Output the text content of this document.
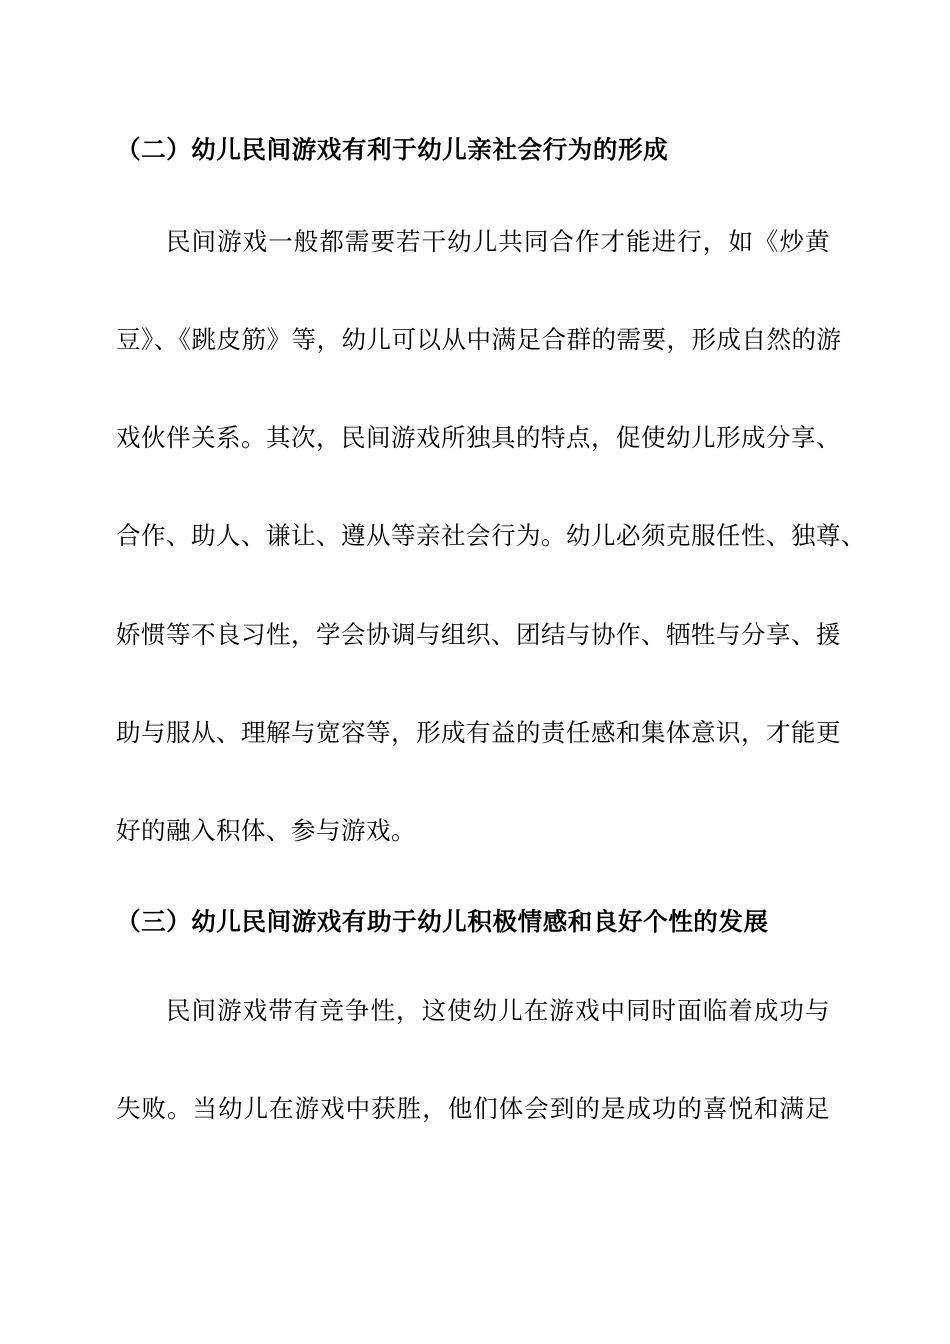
（二）幼儿民间游戏有利于幼儿亲社会行为的形成
民间游戏一般都需要若干幼儿共同合作才能进行，如《炒黄
豆》、《跳皮筋》等，幼儿可以从中满足合群的需要，形成自然的游
戏伙伴关系。其次，民间游戏所独具的特点，促使幼儿形成分享、
合作、助人、谦让、遵从等亲社会行为。幼儿必须克服任性、独尊、
娇惯等不良习性，学会协调与组织、团结与协作、牺牲与分享、援
助与服从、理解与宽容等，形成有益的责任感和集体意识，才能更
好的融入积体、参与游戏。
（三）幼儿民间游戏有助于幼儿积极情感和良好个性的发展
民间游戏带有竞争性，这使幼儿在游戏中同时面临着成功与
失败。当幼儿在游戏中获胜，他们体会到的是成功的喜悦和满足
